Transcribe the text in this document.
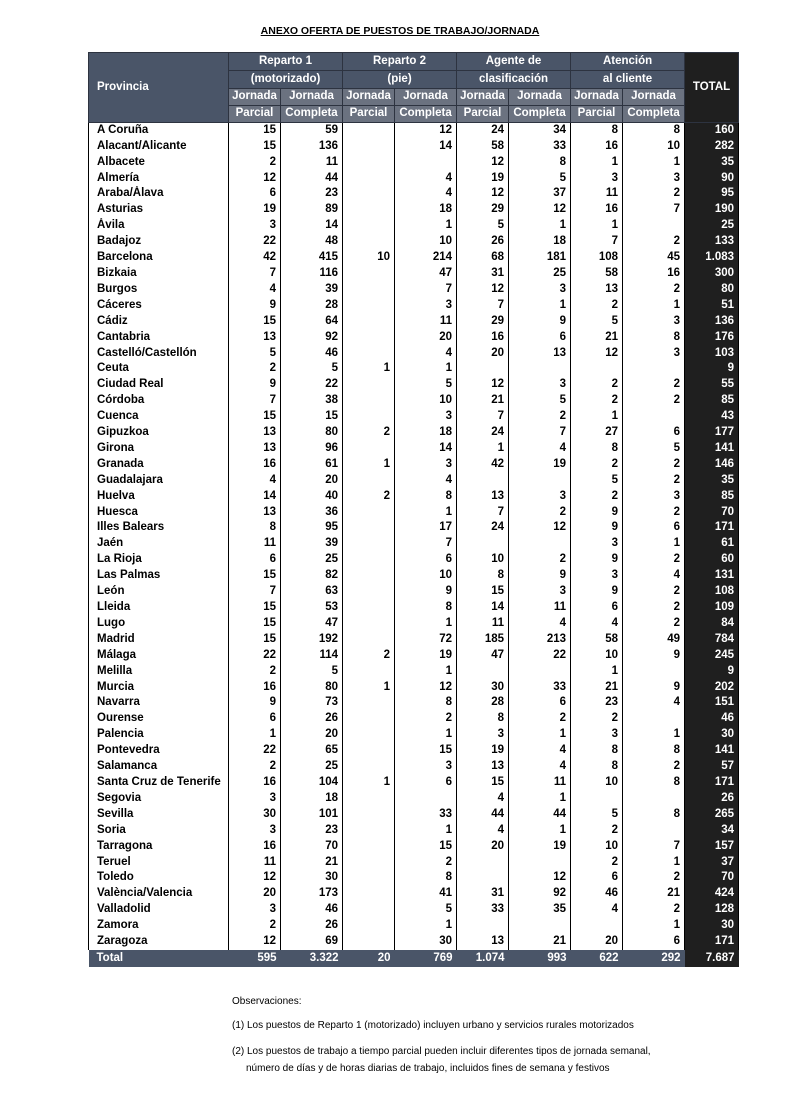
ANEXO OFERTA DE PUESTOS DE TRABAJO/JORNADA
Provincia	Reparto 1		Reparto 2		Agente de		Atención		TOTAL
	(motorizado)		(pie)		clasificación		al cliente		
	Jornada	Jornada	Jornada	Jornada	Jornada	Jornada	Jornada	Jornada	
	Parcial	Completa	Parcial	Completa	Parcial	Completa	Parcial	Completa	
A Coruña	15	59		12	24	34	8	8	160
Alacant/Alicante	15	136		14	58	33	16	10	282
Albacete	2	11			12	8	1	1	35
Almería	12	44		4	19	5	3	3	90
Araba/Álava	6	23		4	12	37	11	2	95
Asturias	19	89		18	29	12	16	7	190
Ávila	3	14		1	5	1	1		25
Badajoz	22	48		10	26	18	7	2	133
Barcelona	42	415	10	214	68	181	108	45	1.083
Bizkaia	7	116		47	31	25	58	16	300
Burgos	4	39		7	12	3	13	2	80
Cáceres	9	28		3	7	1	2	1	51
Cádiz	15	64		11	29	9	5	3	136
Cantabria	13	92		20	16	6	21	8	176
Castelló/Castellón	5	46		4	20	13	12	3	103
Ceuta	2	5	1	1					9
Ciudad Real	9	22		5	12	3	2	2	55
Córdoba	7	38		10	21	5	2	2	85
Cuenca	15	15		3	7	2	1		43
Gipuzkoa	13	80	2	18	24	7	27	6	177
Girona	13	96		14	1	4	8	5	141
Granada	16	61	1	3	42	19	2	2	146
Guadalajara	4	20		4			5	2	35
Huelva	14	40	2	8	13	3	2	3	85
Huesca	13	36		1	7	2	9	2	70
Illes Balears	8	95		17	24	12	9	6	171
Jaén	11	39		7			3	1	61
La Rioja	6	25		6	10	2	9	2	60
Las Palmas	15	82		10	8	9	3	4	131
León	7	63		9	15	3	9	2	108
Lleida	15	53		8	14	11	6	2	109
Lugo	15	47		1	11	4	4	2	84
Madrid	15	192		72	185	213	58	49	784
Málaga	22	114	2	19	47	22	10	9	245
Melilla	2	5		1			1		9
Murcia	16	80	1	12	30	33	21	9	202
Navarra	9	73		8	28	6	23	4	151
Ourense	6	26		2	8	2	2		46
Palencia	1	20		1	3	1	3	1	30
Pontevedra	22	65		15	19	4	8	8	141
Salamanca	2	25		3	13	4	8	2	57
Santa Cruz de Tenerife	16	104	1	6	15	11	10	8	171
Segovia	3	18			4	1			26
Sevilla	30	101		33	44	44	5	8	265
Soria	3	23		1	4	1	2		34
Tarragona	16	70		15	20	19	10	7	157
Teruel	11	21		2			2	1	37
Toledo	12	30		8		12	6	2	70
València/Valencia	20	173		41	31	92	46	21	424
Valladolid	3	46		5	33	35	4	2	128
Zamora	2	26		1				1	30
Zaragoza	12	69		30	13	21	20	6	171
Total	595	3.322	20	769	1.074	993	622	292	7.687

Observaciones:

(1) Los puestos de Reparto 1 (motorizado) incluyen urbano y servicios rurales motorizados

(2) Los puestos de trabajo a tiempo parcial pueden incluir diferentes tipos de jornada semanal,

número de días y de horas diarias de trabajo, incluidos fines de semana y festivos
